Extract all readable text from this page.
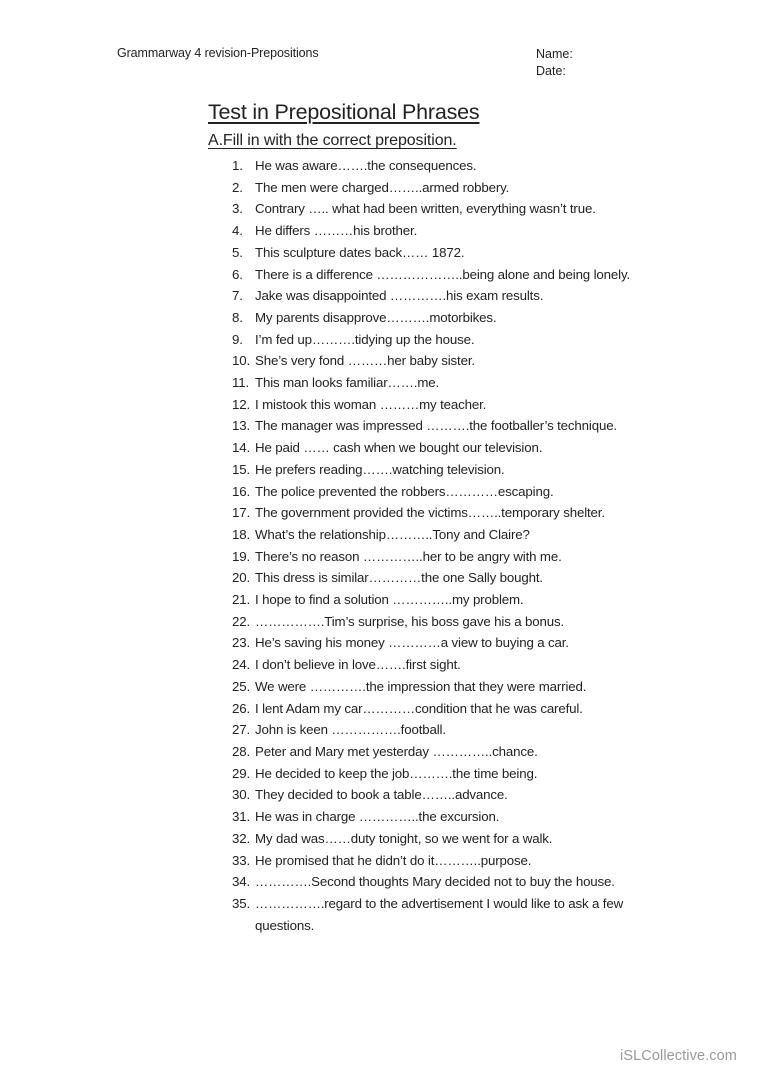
Grammarway 4 revision-Prepositions	Name:
Date:
Test in Prepositional Phrases
A.Fill in with the correct preposition.
1. He was aware…….the consequences.
2. The men were charged……..armed robbery.
3. Contrary ….. what had been written, everything wasn’t true.
4. He differs ………his brother.
5. This sculpture dates back…… 1872.
6. There is a difference ………………..being alone and being lonely.
7. Jake was disappointed ………….his exam results.
8. My parents disapprove……….motorbikes.
9. I’m fed up……….tidying up the house.
10. She’s very fond ………her baby sister.
11. This man looks familiar…….me.
12. I mistook this woman ………my teacher.
13. The manager was impressed ……….the footballer’s technique.
14. He paid …… cash when we bought our television.
15. He prefers reading…….watching television.
16. The police prevented the robbers…………escaping.
17. The government provided the victims……..temporary shelter.
18. What’s the relationship………..Tony and Claire?
19. There’s no reason …………..her to be angry with me.
20. This dress is similar…………the one Sally bought.
21. I hope to find a solution …………..my problem.
22. …………….Tim’s surprise, his boss gave his a bonus.
23. He’s saving his money …………a view to buying a car.
24. I don’t believe in love…….first sight.
25. We were ………….the impression that they were married.
26. I lent Adam my car…………condition that he was careful.
27. John is keen …………….football.
28. Peter and Mary met yesterday …………..chance.
29. He decided to keep the job……….the time being.
30. They decided to book a table……..advance.
31. He was in charge …………..the excursion.
32. My dad was……duty tonight, so we went for a walk.
33. He promised that he didn’t do it………..purpose.
34. ………….Second thoughts Mary decided not to buy the house.
35. …………….regard to the advertisement I would like to ask a few questions.
iSLCollective.com
